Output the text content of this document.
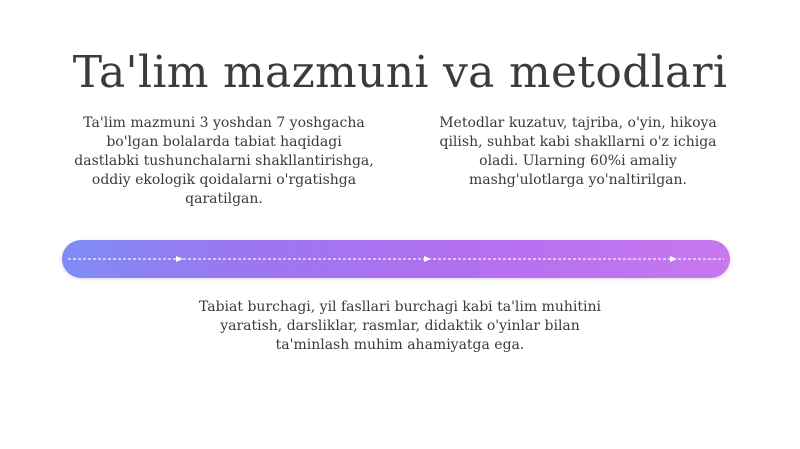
Ta'lim mazmuni va metodlari
Ta'lim mazmuni 3 yoshdan 7 yoshgacha bo'lgan bolalarda tabiat haqidagi dastlabki tushunchalarni shakllantirishga, oddiy ekologik qoidalarni o'rgatishga qaratilgan.
Metodlar kuzatuv, tajriba, o'yin, hikoya qilish, suhbat kabi shakllarni o'z ichiga oladi. Ularning 60%i amaliy mashg'ulotlarga yo'naltirilgan.
Tabiat burchagi, yil fasllari burchagi kabi ta'lim muhitini yaratish, darsliklar, rasmlar, didaktik o'yinlar bilan ta'minlash muhim ahamiyatga ega.
